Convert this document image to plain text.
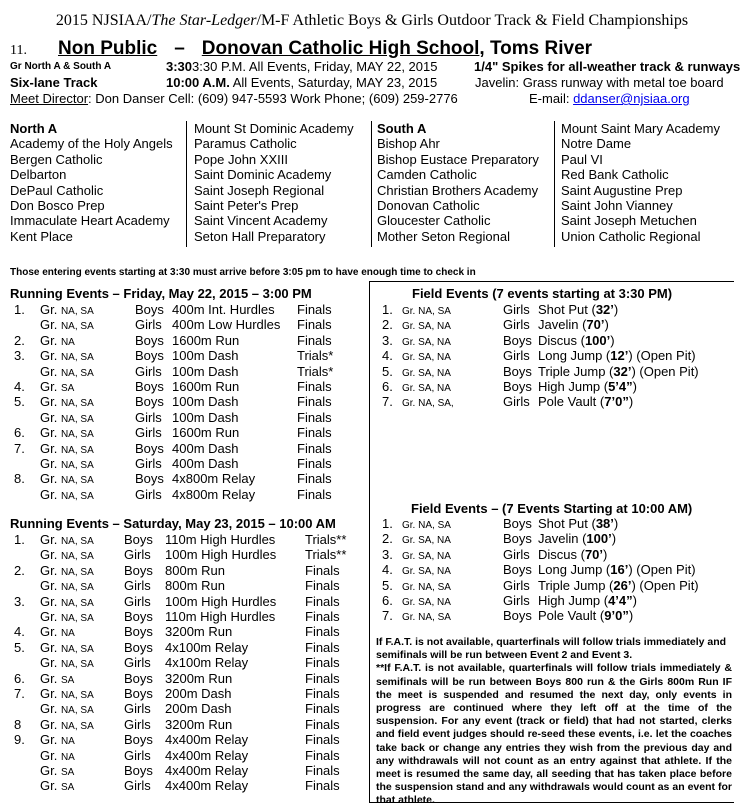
2015 NJSIAA/The Star-Ledger/M-F Athletic Boys & Girls Outdoor Track & Field Championships
11. Non Public – Donovan Catholic High School, Toms River
Gr North A & South A	3:303:30 P.M. All Events, Friday, MAY 22, 2015	1/4" Spikes for all-weather track & runways
Six-lane Track	10:00 A.M. All Events, Saturday, MAY 23, 2015	Javelin: Grass runway with metal toe board
Meet Director: Don Danser Cell: (609) 947-5593 Work Phone; (609) 259-2776	E-mail: ddanser@njsiaa.org
North A
Academy of the Holy Angels
Bergen Catholic
Delbarton
DePaul Catholic
Don Bosco Prep
Immaculate Heart Academy
Kent Place
Mount St Dominic Academy
Paramus Catholic
Pope John XXIII
Saint Dominic Academy
Saint Joseph Regional
Saint Peter's Prep
Saint Vincent Academy
Seton Hall Preparatory
South A
Bishop Ahr
Bishop Eustace Preparatory
Camden Catholic
Christian Brothers Academy
Donovan Catholic
Gloucester Catholic
Mother Seton Regional
Mount Saint Mary Academy
Notre Dame
Paul VI
Red Bank Catholic
Saint Augustine Prep
Saint John Vianney
Saint Joseph Metuchen
Union Catholic Regional
Those entering events starting at 3:30 must arrive before 3:05 pm to have enough time to check in
Running Events – Friday, May 22, 2015 – 3:00 PM
1. Gr. NA, SA	Boys 400m Int. Hurdles Finals
Gr. NA, SA	Girls 400m Low Hurdles Finals
2. Gr. NA	Boys 1600m Run	Finals
3. Gr. NA, SA	Boys 100m Dash	Trials*
Gr. NA, SA	Girls 100m Dash	Trials*
4. Gr. SA	Boys 1600m Run	Finals
5. Gr. NA, SA	Boys 100m Dash	Finals
Gr. NA, SA	Girls 100m Dash	Finals
6. Gr. NA, SA	Girls 1600m Run	Finals
7. Gr. NA, SA	Boys 400m Dash	Finals
Gr. NA, SA	Girls 400m Dash	Finals
8. Gr. NA, SA	Boys 4x800m Relay	Finals
Gr. NA, SA	Girls 4x800m Relay	Finals
Running Events – Saturday, May 23, 2015 – 10:00 AM
1. Gr. NA, SA Boys 110m High Hurdles Trials**
Gr. NA, SA Girls 100m High Hurdles Trials**
2. Gr. NA, SA Boys 800m Run	Finals
Gr. NA, SA Girls 800m Run	Finals
3. Gr. NA, SA Girls 100m High Hurdles Finals
Gr. NA, SA Boys 110m High Hurdles Finals
4. Gr. NA	Boys 3200m Run	Finals
5. Gr. NA, SA Boys 4x100m Relay	Finals
Gr. NA, SA Girls 4x100m Relay	Finals
6. Gr. SA	Boys 3200m Run	Finals
7. Gr. NA, SA Boys 200m Dash	Finals
Gr. NA, SA Girls 200m Dash	Finals
8 Gr. NA, SA Girls 3200m Run	Finals
9. Gr. NA	Boys 4x400m Relay	Finals
Gr. NA	Girls 4x400m Relay	Finals
Gr. SA	Boys 4x400m Relay	Finals
Gr. SA	Girls 4x400m Relay	Finals
Field Events (7 events starting at 3:30 PM)
1. Gr. NA, SA	Girls Shot Put (32’)
2. Gr. SA, NA	Girls Javelin (70’)
3. Gr. SA, NA	Boys Discus (100’)
4. Gr. SA, NA	Girls Long Jump (12’) (Open Pit)
5. Gr. SA, NA	Boys Triple Jump (32’) (Open Pit)
6. Gr. SA, NA	Boys High Jump (5’4”)
7. Gr. NA, SA,	Girls Pole Vault (7’0”)
Field Events – (7 Events Starting at 10:00 AM)
1. Gr. NA, SA	Boys Shot Put (38’)
2. Gr. SA, NA	Boys Javelin (100’)
3. Gr. SA, NA	Girls Discus (70’)
4. Gr. SA, NA	Boys Long Jump (16’) (Open Pit)
5. Gr. NA, SA	Girls Triple Jump (26’) (Open Pit)
6. Gr. SA, NA	Girls High Jump (4’4”)
7. Gr. NA, SA	Boys Pole Vault (9’0”)
If F.A.T. is not available, quarterfinals will follow trials immediately and semifinals will be run between Event 2 and Event 3.
**If F.A.T. is not available, quarterfinals will follow trials immediately & semifinals will be run between Boys 800 run & the Girls 800m Run IF the meet is suspended and resumed the next day, only events in progress are continued where they left off at the time of the suspension. For any event (track or field) that had not started, clerks and field event judges should re-seed these events, i.e. let the coaches take back or change any entries they wish from the previous day and any withdrawals will not count as an entry against that athlete. If the meet is resumed the same day, all seeding that has taken place before the suspension stand and any withdrawals would count as an event for that athlete.
